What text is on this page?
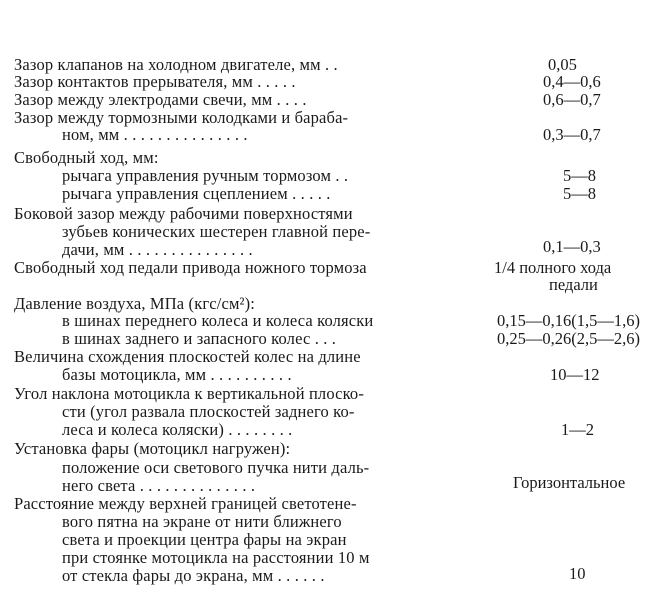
Зазор клапанов на холодном двигателе, мм . .	0,05
Зазор контактов прерывателя, мм . . . . .	0,4—0,6
Зазор между электродами свечи, мм . . . .	0,6—0,7
Зазор между тормозными колодками и бараба-
ном, мм . . . . . . . . . . . . . . .	0,3—0,7
Свободный ход, мм:
рычага управления ручным тормозом . .	5—8
рычага управления сцеплением . . . . .	5—8
Боковой зазор между рабочими поверхностями
зубьев конических шестерен главной пере-
дачи, мм . . . . . . . . . . . . . . .	0,1—0,3
Свободный ход педали привода ножного тормоза	1/4 полного хода
педали
Давление воздуха, МПа (кгс/см²):
в шинах переднего колеса и колеса коляски	0,15—0,16(1,5—1,6)
в шинах заднего и запасного колес . . .	0,25—0,26(2,5—2,6)
Величина схождения плоскостей колес на длине
базы мотоцикла, мм . . . . . . . . . .	10—12
Угол наклона мотоцикла к вертикальной плоско-
сти (угол развала плоскостей заднего ко-
леса и колеса коляски) . . . . . . . .	1—2
Установка фары (мотоцикл нагружен):
положение оси светового пучка нити даль-
него света . . . . . . . . . . . . . .	Горизонтальное
Расстояние между верхней границей светотене-
вого пятна на экране от нити ближнего
света и проекции центра фары на экран
при стоянке мотоцикла на расстоянии 10 м
от стекла фары до экрана, мм . . . . . .	10
